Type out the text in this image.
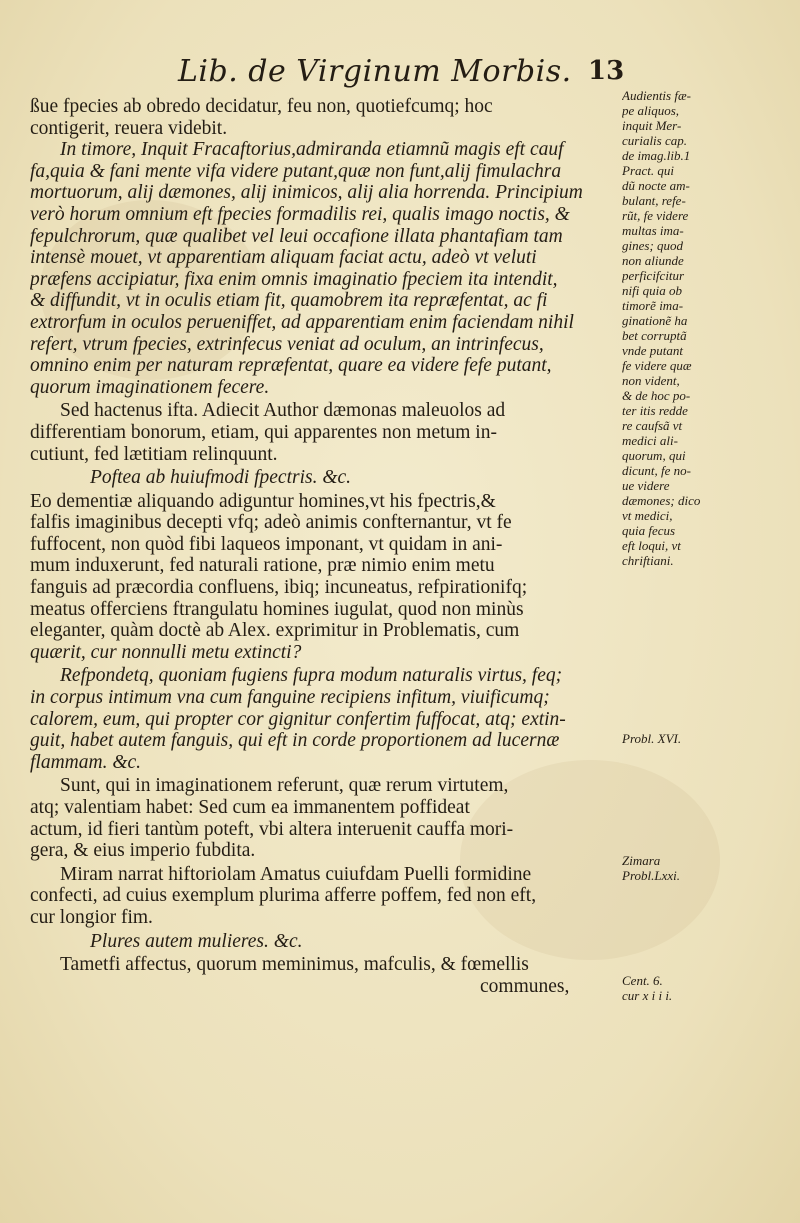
Lib. de Virginum Morbis. 13
ßue fpecies ab obredo decidatur, feu non, quotiefcumq; hoc
contigerit, reuera videbit.
In timore, Inquit Fracaftorius,admiranda etiamnũ magis eft cauf
fa,quia & fani mente vifa videre putant,quæ non funt,alij fimulachra
mortuorum, alij dæmones, alij inimicos, alij alia horrenda. Principium
verò horum omnium eft fpecies formadilis rei, qualis imago noctis, &
fepulchrorum, quæ qualibet vel leui occafione illata phantafiam tam
intensè mouet, vt apparentiam aliquam faciat actu, adeò vt veluti
præfens accipiatur, fixa enim omnis imaginatio fpeciem ita intendit,
& diffundit, vt in oculis etiam fit, quamobrem ita repræfentat, ac fi
extrorfum in oculos perueniffet, ad apparentiam enim faciendam nihil
refert, vtrum fpecies, extrinfecus veniat ad oculum, an intrinfecus,
omnino enim per naturam repræfentat, quare ea videre fefe putant,
quorum imaginationem fecere.
Sed hactenus ifta. Adiecit Author dæmonas maleuolos ad
differentiam bonorum, etiam, qui apparentes non metum in-
cutiunt, fed lætitiam relinquunt.
Poftea ab huiufmodi fpectris. &c.
Eo dementiæ aliquando adiguntur homines,vt his fpectris,&
falfis imaginibus decepti vfq; adeò animis confternantur, vt fe
fuffocent, non quòd fibi laqueos imponant, vt quidam in ani-
mum induxerunt, fed naturali ratione, præ nimio enim metu
fanguis ad præcordia confluens, ibiq; incuneatus, refpirationifq;
meatus offerciens ftrangulatu homines iugulat, quod non minùs
eleganter, quàm doctè ab Alex. exprimitur in Problematis, cum
quærit, cur nonnulli metu extincti?
Refpondetq, quoniam fugiens fupra modum naturalis virtus, feq;
in corpus intimum vna cum fanguine recipiens infitum, viuificumq;
calorem, eum, qui propter cor gignitur confertim fuffocat, atq; extin-
guit, habet autem fanguis, qui eft in corde proportionem ad lucernæ
flammam. &c.
Sunt, qui in imaginationem referunt, quæ rerum virtutem,
atq; valentiam habet: Sed cum ea immanentem poffideat
actum, id fieri tantùm poteft, vbi altera interuenit cauffa mori-
gera, & eius imperio fubdita.
Miram narrat hiftoriolam Amatus cuiufdam Puelli formidine
confecti, ad cuius exemplum plurima afferre poffem, fed non eft,
cur longior fim.
Plures autem mulieres. &c.
Tametfi affectus, quorum meminimus, mafculis, & fœmellis
communes,
Audientis fæ-
pe aliquos,
inquit Mer-
curialis cap.
de imag.lib.1
Pract. qui
dũ nocte am-
bulant, refe-
rũt, fe videre
multas ima-
gines; quod
non aliunde
perficifcitur
nifi quia ob
timorẽ ima-
ginationẽ ha
bet corruptã
vnde putant
fe videre quæ
non vident,
& de hoc po-
ter itis redde
re caufsã vt
medici ali-
quorum, qui
dicunt, fe no-
ue videre
dæmones; dico
vt medici,
quia fecus
eft loqui, vt
chriftiani.
Probl. XVI.
Zimara
Probl.Lxxi.
Cent. 6.
cur x i i i.
